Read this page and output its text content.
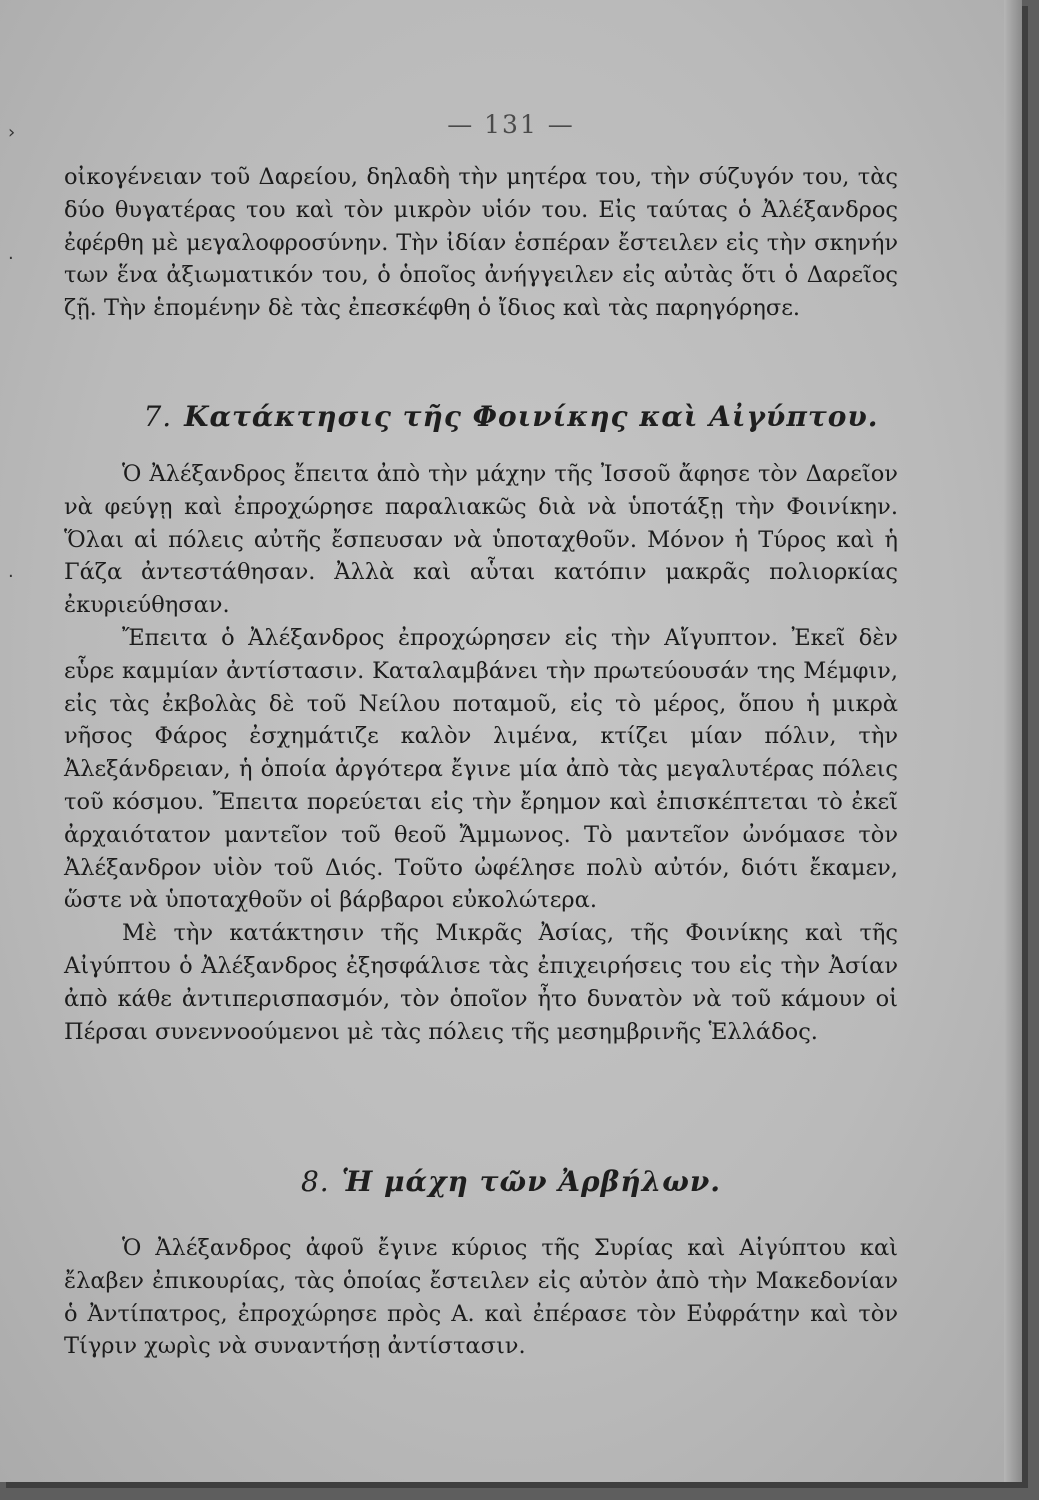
›
·
·
— 131 —

οἰκογένειαν τοῦ Δαρείου, δηλαδὴ τὴν μητέρα του, τὴν σύζυγόν του, τὰς δύο θυγατέρας του καὶ τὸν μικρὸν υἱόν του. Εἰς ταύτας ὁ Ἀλέξανδρος ἐφέρθη μὲ μεγαλοφροσύνην. Τὴν ἰδίαν ἑσπέραν ἔστειλεν εἰς τὴν σκηνήν των ἕνα ἀξιωματικόν του, ὁ ὁποῖος ἀνήγγειλεν εἰς αὐτὰς ὅτι ὁ Δαρεῖος ζῇ. Τὴν ἑπομένην δὲ τὰς ἐπεσκέφθη ὁ ἴδιος καὶ τὰς παρηγόρησε.

7. Κατάκτησις τῆς Φοινίκης καὶ Αἰγύπτου.

Ὁ Ἀλέξανδρος ἔπειτα ἀπὸ τὴν μάχην τῆς Ἰσσοῦ ἄφησε τὸν Δαρεῖον νὰ φεύγῃ καὶ ἐπροχώρησε παραλιακῶς διὰ νὰ ὑποτάξῃ τὴν Φοινίκην. Ὅλαι αἱ πόλεις αὐτῆς ἔσπευσαν νὰ ὑποταχθοῦν. Μόνον ἡ Τύρος καὶ ἡ Γάζα ἀντεστάθησαν. Ἀλλὰ καὶ αὗται κατόπιν μακρᾶς πολιορκίας ἐκυριεύθησαν.

Ἔπειτα ὁ Ἀλέξανδρος ἐπροχώρησεν εἰς τὴν Αἴγυπτον. Ἐκεῖ δὲν εὗρε καμμίαν ἀντίστασιν. Καταλαμβάνει τὴν πρωτεύουσάν της Μέμφιν, εἰς τὰς ἐκβολὰς δὲ τοῦ Νείλου ποταμοῦ, εἰς τὸ μέρος, ὅπου ἡ μικρὰ νῆσος Φάρος ἐσχημάτιζε καλὸν λιμένα, κτίζει μίαν πόλιν, τὴν Ἀλεξάνδρειαν, ἡ ὁποία ἀργότερα ἔγινε μία ἀπὸ τὰς μεγαλυτέρας πόλεις τοῦ κόσμου. Ἔπειτα πορεύεται εἰς τὴν ἔρημον καὶ ἐπισκέπτεται τὸ ἐκεῖ ἀρχαιότατον μαντεῖον τοῦ θεοῦ Ἄμμωνος. Τὸ μαντεῖον ὠνόμασε τὸν Ἀλέξανδρον υἱὸν τοῦ Διός. Τοῦτο ὠφέλησε πολὺ αὐτόν, διότι ἔκαμεν, ὥστε νὰ ὑποταχθοῦν οἱ βάρβαροι εὐκολώτερα.

Μὲ τὴν κατάκτησιν τῆς Μικρᾶς Ἀσίας, τῆς Φοινίκης καὶ τῆς Αἰγύπτου ὁ Ἀλέξανδρος ἐξησφάλισε τὰς ἐπιχειρήσεις του εἰς τὴν Ἀσίαν ἀπὸ κάθε ἀντιπερισπασμόν, τὸν ὁποῖον ἦτο δυνατὸν νὰ τοῦ κάμουν οἱ Πέρσαι συνεννοούμενοι μὲ τὰς πόλεις τῆς μεσημβρινῆς Ἑλλάδος.

8. Ἡ μάχη τῶν Ἀρβήλων.

Ὁ Ἀλέξανδρος ἀφοῦ ἔγινε κύριος τῆς Συρίας καὶ Αἰγύπτου καὶ ἔλαβεν ἐπικουρίας, τὰς ὁποίας ἔστειλεν εἰς αὐτὸν ἀπὸ τὴν Μακεδονίαν ὁ Ἀντίπατρος, ἐπροχώρησε πρὸς Α. καὶ ἐπέρασε τὸν Εὐφράτην καὶ τὸν Τίγριν χωρὶς νὰ συναντήσῃ ἀντίστασιν.
